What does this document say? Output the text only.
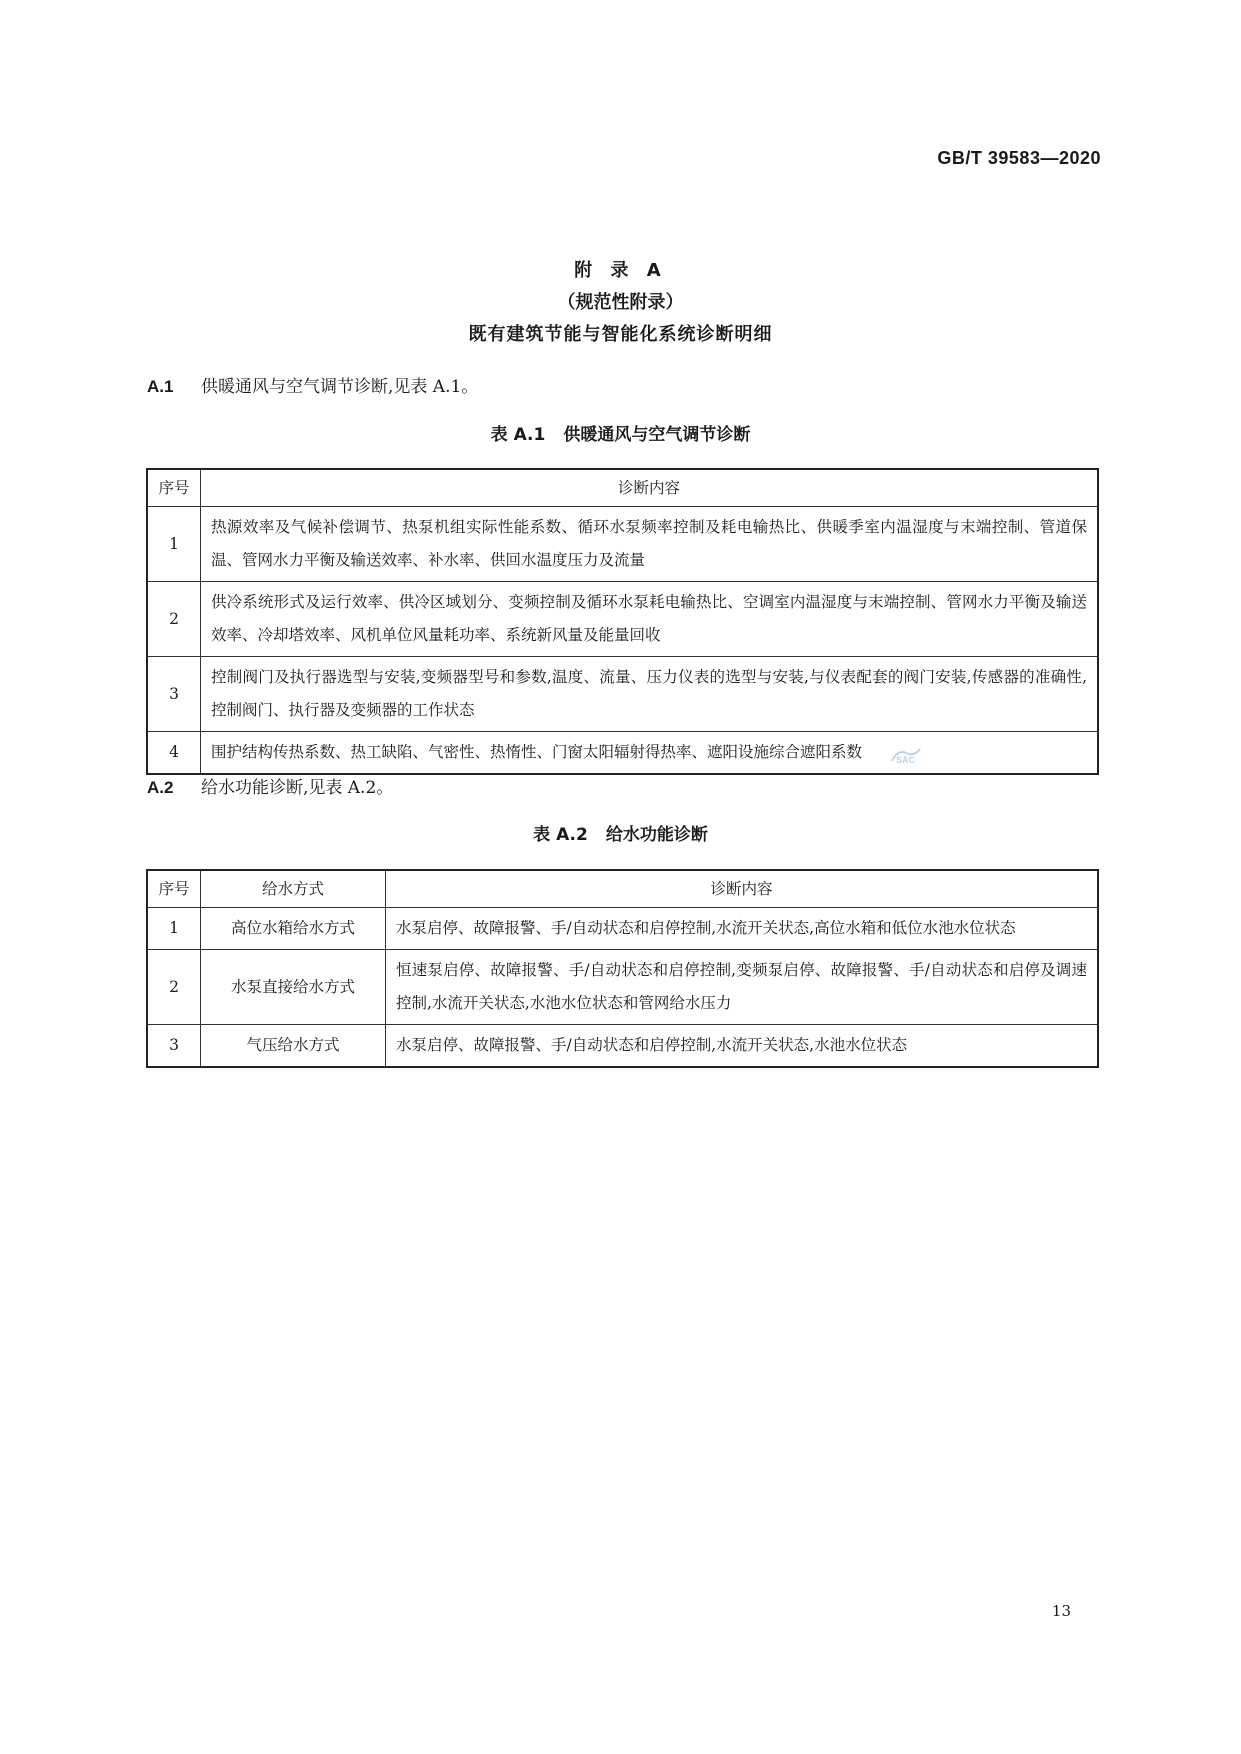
GB/T 39583—2020
附 录 A
（规范性附录）
既有建筑节能与智能化系统诊断明细
A.1 供暖通风与空气调节诊断,见表 A.1。
表 A.1 供暖通风与空气调节诊断
序号	诊断内容
1	热源效率及气候补偿调节、热泵机组实际性能系数、循环水泵频率控制及耗电输热比、供暖季室内温湿度与末端控制、管道保温、管网水力平衡及输送效率、补水率、供回水温度压力及流量
2	供冷系统形式及运行效率、供冷区域划分、变频控制及循环水泵耗电输热比、空调室内温湿度与末端控制、管网水力平衡及输送效率、冷却塔效率、风机单位风量耗功率、系统新风量及能量回收
3	控制阀门及执行器选型与安装,变频器型号和参数,温度、流量、压力仪表的选型与安装,与仪表配套的阀门安装,传感器的准确性,控制阀门、执行器及变频器的工作状态
4	围护结构传热系数、热工缺陷、气密性、热惰性、门窗太阳辐射得热率、遮阳设施综合遮阳系数	SAC
A.2 给水功能诊断,见表 A.2。
表 A.2 给水功能诊断
序号	给水方式	诊断内容
1	高位水箱给水方式	水泵启停、故障报警、手/自动状态和启停控制,水流开关状态,高位水箱和低位水池水位状态
2	水泵直接给水方式	恒速泵启停、故障报警、手/自动状态和启停控制,变频泵启停、故障报警、手/自动状态和启停及调速控制,水流开关状态,水池水位状态和管网给水压力
3	气压给水方式	水泵启停、故障报警、手/自动状态和启停控制,水流开关状态,水池水位状态
13
